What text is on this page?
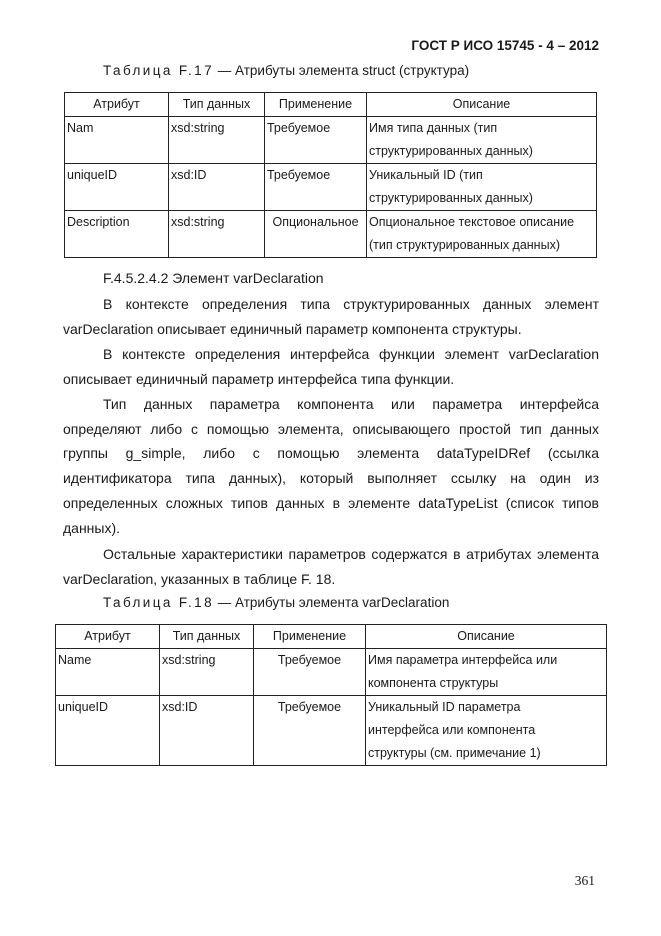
ГОСТ Р ИСО 15745 - 4 – 2012
Таблица F.17 — Атрибуты элемента struct (структура)
Атрибут	Тип данных	Применение	Описание
Nam	xsd:string	Требуемое	Имя типа данных (тип
структурированных данных)
uniqueID	xsd:ID	Требуемое	Уникальный ID (тип
структурированных данных)
Description	xsd:string	Опциональное	Опциональное текстовое описание
(тип структурированных данных)
F.4.5.2.4.2 Элемент varDeclaration
В контексте определения типа структурированных данных элемент varDeclaration описывает единичный параметр компонента структуры.
В контексте определения интерфейса функции элемент varDeclaration описывает единичный параметр интерфейса типа функции.
Тип данных параметра компонента или параметра интерфейса определяют либо с помощью элемента, описывающего простой тип данных группы g_simple, либо с помощью элемента dataTypeIDRef (ссылка идентификатора типа данных), который выполняет ссылку на один из определенных сложных типов данных в элементе dataTypeList (список типов данных).
Остальные характеристики параметров содержатся в атрибутах элемента varDeclaration, указанных в таблице F. 18.
Таблица F.18 — Атрибуты элемента varDeclaration
Атрибут	Тип данных	Применение	Описание
Name	xsd:string	Требуемое	Имя параметра интерфейса или
компонента структуры
uniqueID	xsd:ID	Требуемое	Уникальный ID параметра
интерфейса или компонента
структуры (см. примечание 1)
361
